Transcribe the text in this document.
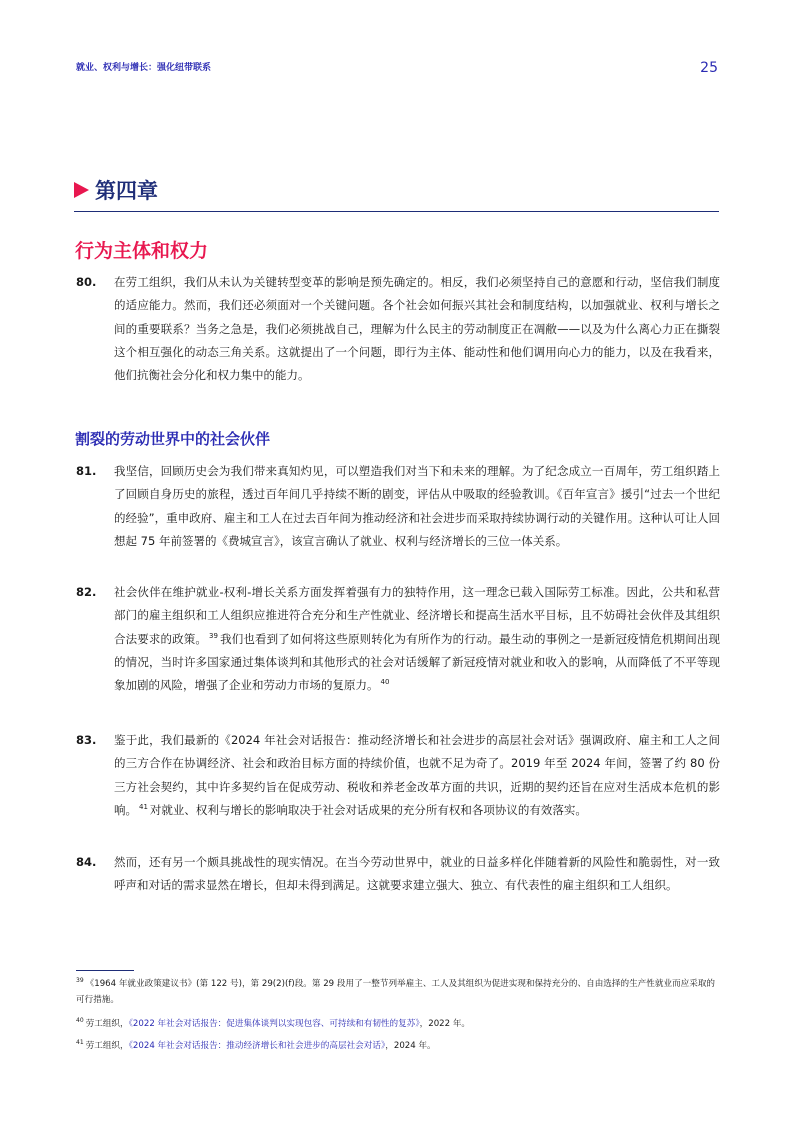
就业、权利与增长：强化纽带联系	25
第四章
行为主体和权力
80. 在劳工组织，我们从未认为关键转型变革的影响是预先确定的。相反，我们必须坚持自己的意愿和行动，坚信我们制度的适应能力。然而，我们还必须面对一个关键问题。各个社会如何振兴其社会和制度结构，以加强就业、权利与增长之间的重要联系？当务之急是，我们必须挑战自己，理解为什么民主的劳动制度正在凋敝——以及为什么离心力正在撕裂这个相互强化的动态三角关系。这就提出了一个问题，即行为主体、能动性和他们调用向心力的能力，以及在我看来，他们抗衡社会分化和权力集中的能力。
割裂的劳动世界中的社会伙伴
81. 我坚信，回顾历史会为我们带来真知灼见，可以塑造我们对当下和未来的理解。为了纪念成立一百周年，劳工组织踏上了回顾自身历史的旅程，透过百年间几乎持续不断的剧变，评估从中吸取的经验教训。《百年宣言》援引“过去一个世纪的经验”，重申政府、雇主和工人在过去百年间为推动经济和社会进步而采取持续协调行动的关键作用。这种认可让人回想起 75 年前签署的《费城宣言》，该宣言确认了就业、权利与经济增长的三位一体关系。
82. 社会伙伴在维护就业-权利-增长关系方面发挥着强有力的独特作用，这一理念已载入国际劳工标准。因此，公共和私营部门的雇主组织和工人组织应推进符合充分和生产性就业、经济增长和提高生活水平目标，且不妨碍社会伙伴及其组织合法要求的政策。 $^{39}$ 我们也看到了如何将这些原则转化为有所作为的行动。最生动的事例之一是新冠疫情危机期间出现的情况，当时许多国家通过集体谈判和其他形式的社会对话缓解了新冠疫情对就业和收入的影响，从而降低了不平等现象加剧的风险，增强了企业和劳动力市场的复原力。 $^{40}$
83. 鉴于此，我们最新的《2024 年社会对话报告：推动经济增长和社会进步的高层社会对话》强调政府、雇主和工人之间的三方合作在协调经济、社会和政治目标方面的持续价值，也就不足为奇了。2019 年至 2024 年间，签署了约 80 份三方社会契约，其中许多契约旨在促成劳动、税收和养老金改革方面的共识，近期的契约还旨在应对生活成本危机的影响。 $^{41}$ 对就业、权利与增长的影响取决于社会对话成果的充分所有权和各项协议的有效落实。
84. 然而，还有另一个颇具挑战性的现实情况。在当今劳动世界中，就业的日益多样化伴随着新的风险性和脆弱性，对一致呼声和对话的需求显然在增长，但却未得到满足。这就要求建立强大、独立、有代表性的雇主组织和工人组织。
$^{39}$ 《1964 年就业政策建议书》(第 122 号)，第 29(2)(f)段。第 29 段用了一整节列举雇主、工人及其组织为促进实现和保持充分的、自由选择的生产性就业而应采取的可行措施。
$^{40}$ 劳工组织，《2022 年社会对话报告：促进集体谈判以实现包容、可持续和有韧性的复苏》，2022 年。
$^{41}$ 劳工组织，《2024 年社会对话报告：推动经济增长和社会进步的高层社会对话》，2024 年。
